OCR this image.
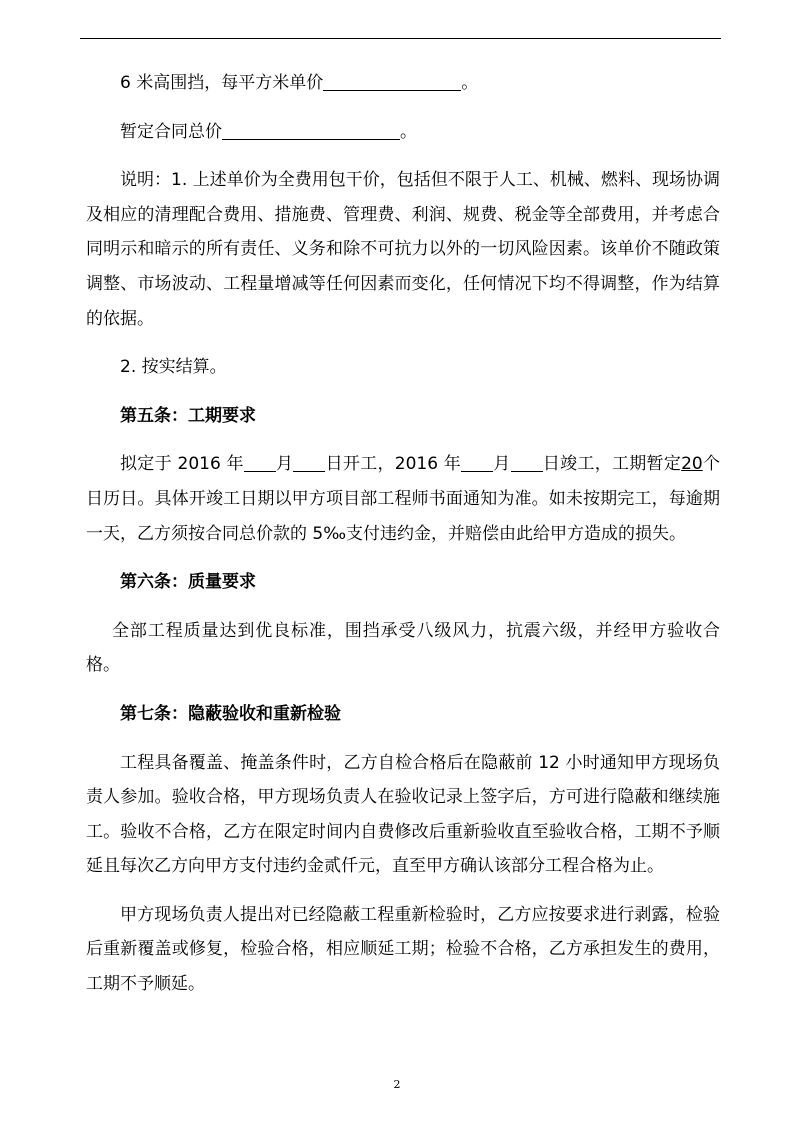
6 米高围挡，每平方米单价	。

暂定合同总价	。

说明：1. 上述单价为全费用包干价，包括但不限于人工、机械、燃料、现场协调及相应的清理配合费用、措施费、管理费、利润、规费、税金等全部费用，并考虑合同明示和暗示的所有责任、义务和除不可抗力以外的一切风险因素。该单价不随政策调整、市场波动、工程量增减等任何因素而变化，任何情况下均不得调整，作为结算的依据。

2. 按实结算。

第五条：工期要求

拟定于 2016 年 月 日开工，2016 年 月 日竣工，工期暂定20个日历日。具体开竣工日期以甲方项目部工程师书面通知为准。如未按期完工，每逾期一天，乙方须按合同总价款的 5‰支付违约金，并赔偿由此给甲方造成的损失。

第六条：质量要求

全部工程质量达到优良标准，围挡承受八级风力，抗震六级，并经甲方验收合格。

第七条：隐蔽验收和重新检验

工程具备覆盖、掩盖条件时，乙方自检合格后在隐蔽前 12 小时通知甲方现场负责人参加。验收合格，甲方现场负责人在验收记录上签字后，方可进行隐蔽和继续施工。验收不合格，乙方在限定时间内自费修改后重新验收直至验收合格，工期不予顺延且每次乙方向甲方支付违约金贰仟元，直至甲方确认该部分工程合格为止。

甲方现场负责人提出对已经隐蔽工程重新检验时，乙方应按要求进行剥露，检验后重新覆盖或修复，检验合格，相应顺延工期；检验不合格，乙方承担发生的费用，工期不予顺延。

2
